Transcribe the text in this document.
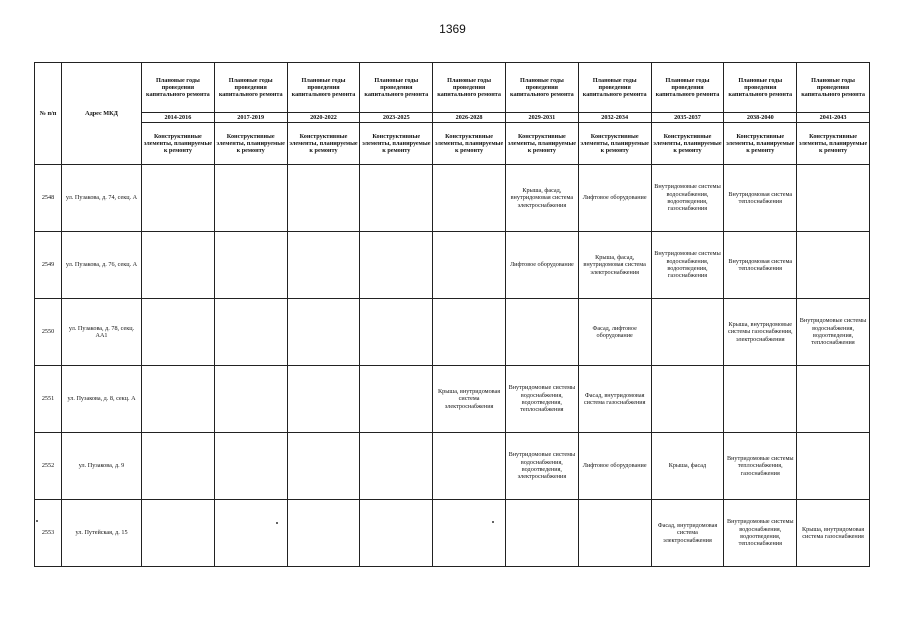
1369
№ п/п	Адрес МКД	Плановые годы проведения капитального ремонта	Плановые годы проведения капитального ремонта	Плановые годы проведения капитального ремонта	Плановые годы проведения капитального ремонта	Плановые годы проведения капитального ремонта	Плановые годы проведения капитального ремонта	Плановые годы проведения капитального ремонта	Плановые годы проведения капитального ремонта	Плановые годы проведения капитального ремонта	Плановые годы проведения капитального ремонта
		2014-2016	2017-2019	2020-2022	2023-2025	2026-2028	2029-2031	2032-2034	2035-2037	2038-2040	2041-2043
		Конструктивные элементы, планируемые к ремонту	Конструктивные элементы, планируемые к ремонту	Конструктивные элементы, планируемые к ремонту	Конструктивные элементы, планируемые к ремонту	Конструктивные элементы, планируемые к ремонту	Конструктивные элементы, планируемые к ремонту	Конструктивные элементы, планируемые к ремонту	Конструктивные элементы, планируемые к ремонту	Конструктивные элементы, планируемые к ремонту	Конструктивные элементы, планируемые к ремонту
2548	ул. Пузакова, д. 74, секц. А						Крыша, фасад, внутридомовая система электроснабжения	Лифтовое оборудование	Внутридомовые системы водоснабжения, водоотведения, газоснабжения	Внутридомовая система теплоснабжения	
2549	ул. Пузакова, д. 76, секц. А						Лифтовое оборудование	Крыша, фасад, внутридомовая система электроснабжения	Внутридомовые системы водоснабжения, водоотведения, газоснабжения	Внутридомовая система теплоснабжения	
2550	ул. Пузакова, д. 78, секц. АА1							Фасад, лифтовое оборудование		Крыша, внутридомовые системы газоснабжения, электроснабжения	Внутридомовые системы водоснабжения, водоотведения, теплоснабжения
2551	ул. Пузакова, д. 8, секц. А					Крыша, внутридомовая система электроснабжения	Внутридомовые системы водоснабжения, водоотведения, теплоснабжения	Фасад, внутридомовая система газоснабжения			
2552	ул. Пузакова, д. 9						Внутридомовые системы водоснабжения, водоотведения, электроснабжения	Лифтовое оборудование	Крыша, фасад	Внутридомовые системы теплоснабжения, газоснабжения	
2553	ул. Путейская, д. 15								Фасад, внутридомовая система электроснабжения	Внутридомовые системы водоснабжения, водоотведения, теплоснабжения	Крыша, внутридомовая система газоснабжения
